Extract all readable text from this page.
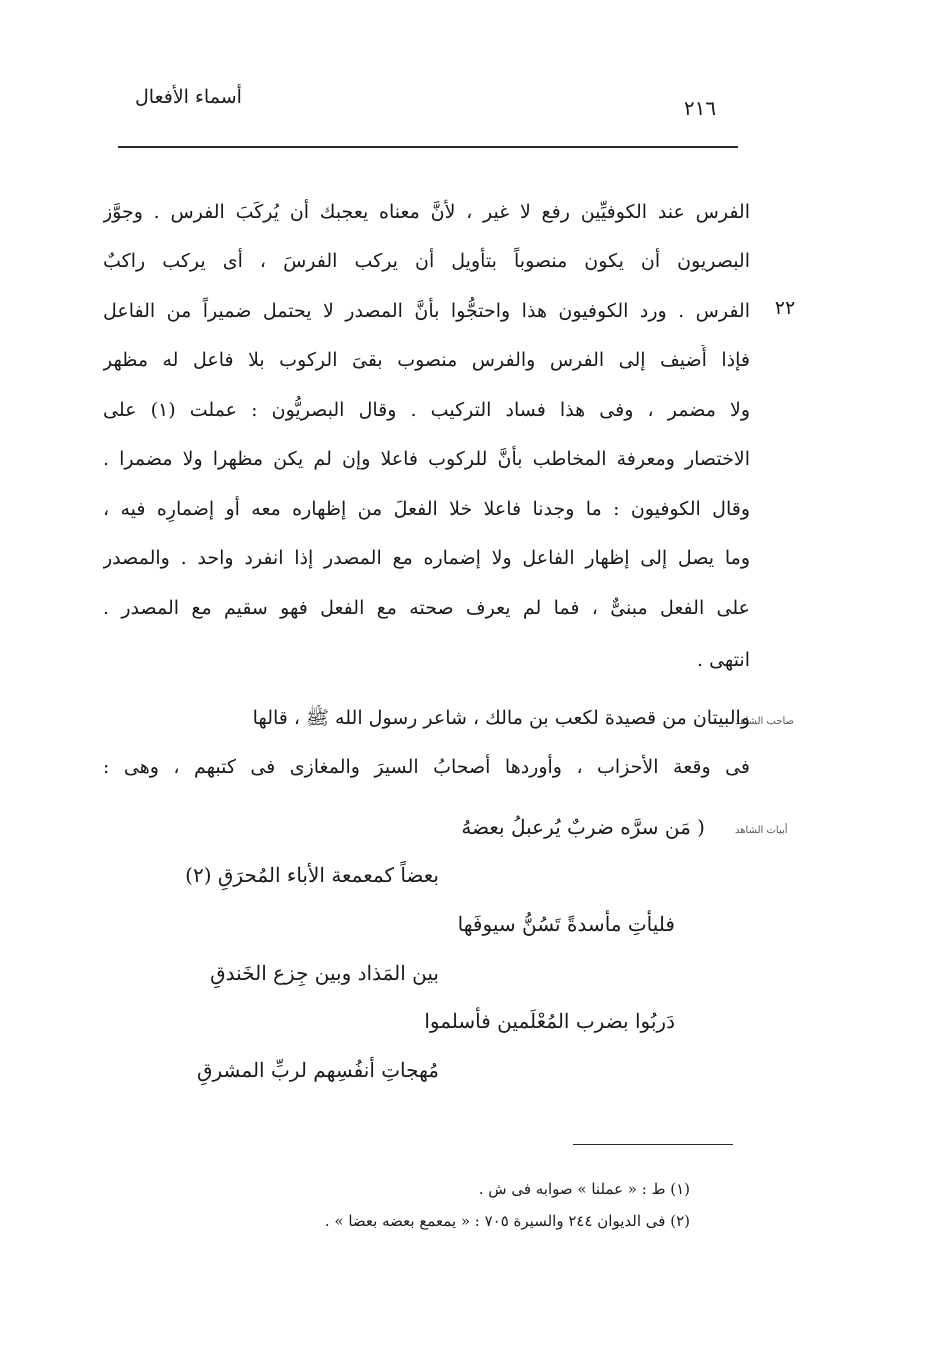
أسماء الأفعال	٢١٦
الفرس عند الكوفيِّين رفع لا غير ، لأنَّ معناه يعجبك أن يُركَبَ الفرس . وجوَّز
البصريون أن يكون منصوباً بتأويل أن يركب الفرسَ ، أى يركب راكبٌ
الفرس . ورد الكوفيون هذا واحتجُّوا بأنَّ المصدر لا يحتمل ضميراً من الفاعل	٢٢
فإذا أُضيف إلى الفرس والفرس منصوب بقىَ الركوب بلا فاعل له مظهر
ولا مضمر ، وفى هذا فساد التركيب . وقال البصريُّون : عملت (١) على
الاختصار ومعرفة المخاطب بأنَّ للركوب فاعلا وإن لم يكن مظهرا ولا مضمرا .
وقال الكوفيون : ما وجدنا فاعلا خلا الفعلَ من إظهاره معه أو إضمارِه فيه ،
وما يصل إلى إظهار الفاعل ولا إضماره مع المصدر إذا انفرد واحد . والمصدر
على الفعل مبنىٌّ ، فما لم يعرف صحته مع الفعل فهو سقيم مع المصدر .
انتهى .
صاحب الشاهد
والبيتان من قصيدة لكعب بن مالك ، شاعر رسول الله ﷺ ، قالها
فى وقعة الأحزاب ، وأوردها أصحابُ السيرَ والمغازى فى كتبهم ، وهى :
أبيات الشاهد
( مَن سرَّه ضربٌ يُرعبلُ بعضهُ
بعضاً كمعمعة الأباء المُحرَقِ (٢)
فليأتِ مأسدةً تَسُنُّ سيوفَها
بين المَذاد وبين جِزع الخَندقِ
دَربُوا بضرب المُعْلَمين فأسلموا
مُهجاتِ أنفُسِهم لربِّ المشرقِ
(١) ط : « عملنا » صوابه فى ش .
(٢) فى الديوان ٢٤٤ والسيرة ٧٠٥ : « يمعمع بعضه بعضا » .
